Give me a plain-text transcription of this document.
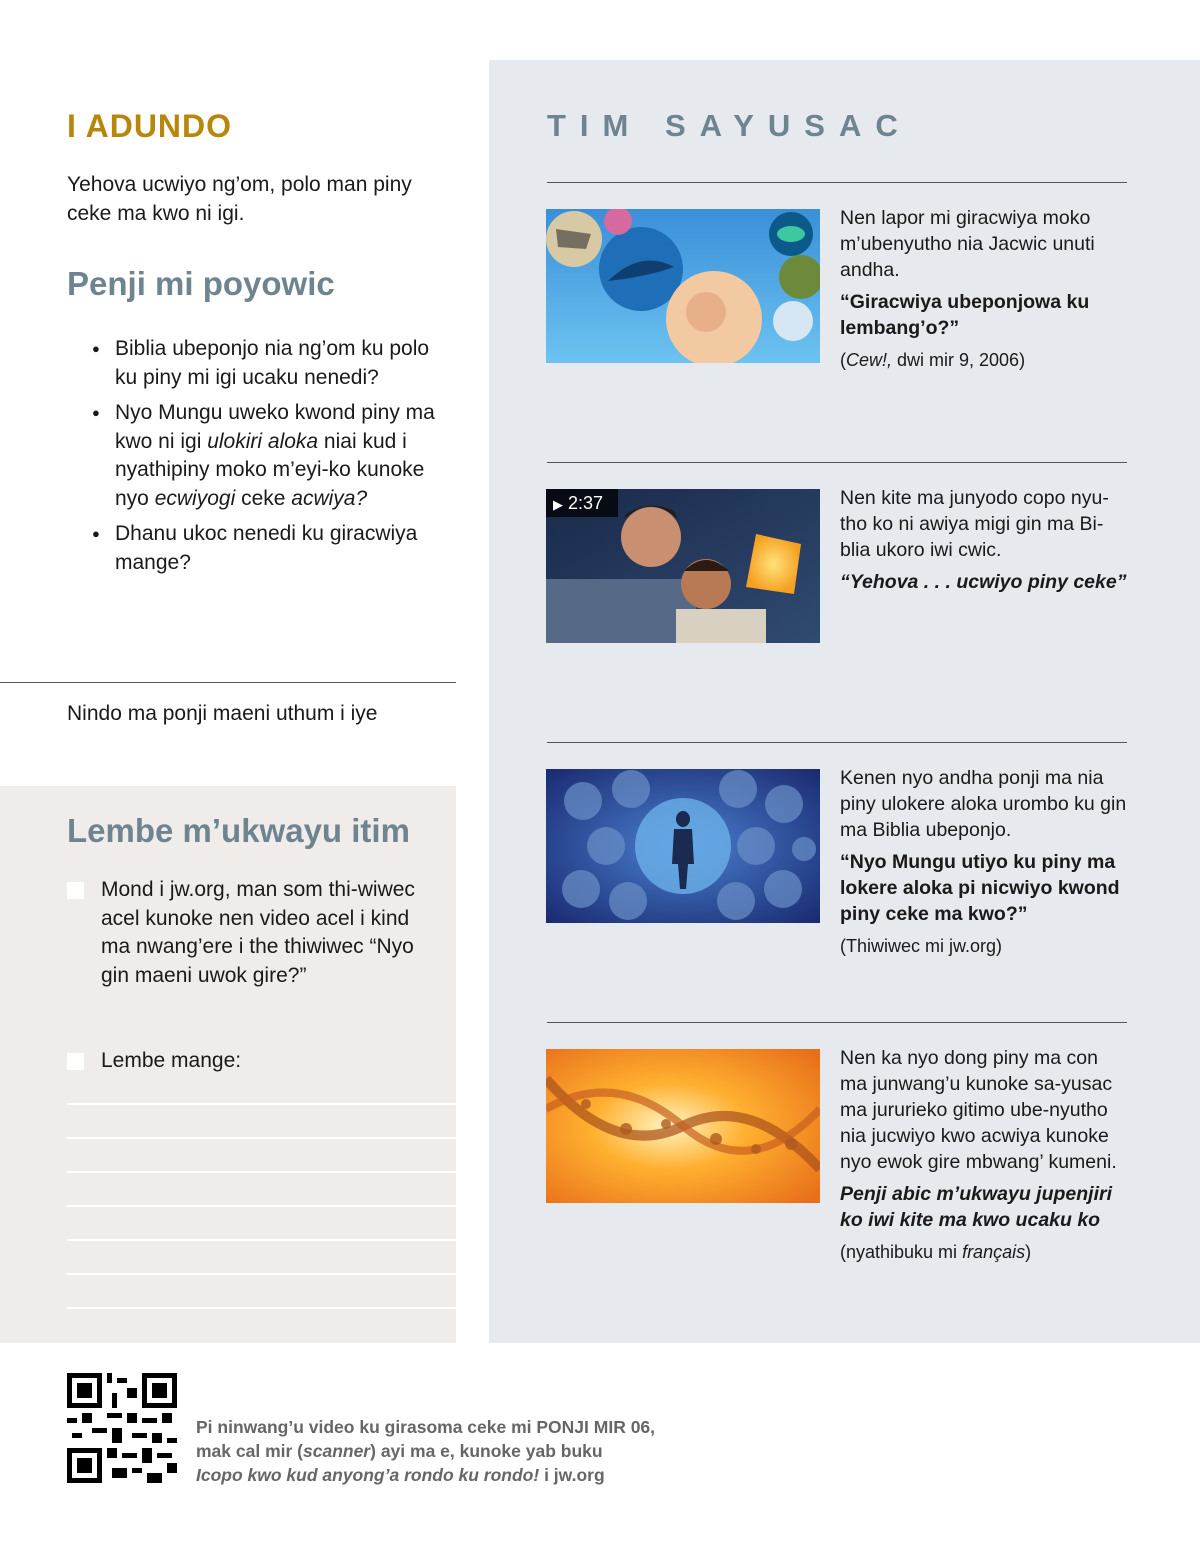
I ADUNDO

Yehova ucwiyo ng’om, polo man piny ceke ma kwo ni igi.

Penji mi poyowic
● Biblia ubeponjo nia ng’om ku polo ku piny mi igi ucaku nenedi?
● Nyo Mungu uweko kwond piny ma kwo ni igi ulokiri aloka niai kud i nyathipiny moko m’eyi-ko kunoke nyo ecwiyogi ceke acwiya?
● Dhanu ukoc nenedi ku giracwiya mange?

Nindo ma ponji maeni uthum i iye

Lembe m’ukwayu itim
Mond i jw.org, man som thi-wiwec acel kunoke nen video acel i kind ma nwang’ere i the thiwiwec “Nyo gin maeni uwok gire?”
Lembe mange:
TIM SAYUSAC

Nen lapor mi giracwiya moko m’ubenyutho nia Jacwic unuti andha.

“Giracwiya ubeponjowa ku lembang’o?”

(Cew!, dwi mir 9, 2006)

▶ 2:37	Nen kite ma junyodo copo nyu-tho ko ni awiya migi gin ma Bi-blia ukoro iwi cwic.

“Yehova . . . ucwiyo piny ceke”

Kenen nyo andha ponji ma nia piny ulokere aloka urombo ku gin ma Biblia ubeponjo.

“Nyo Mungu utiyo ku piny ma lokere aloka pi nicwiyo kwond piny ceke ma kwo?”

(Thiwiwec mi jw.org)

Nen ka nyo dong piny ma con ma junwang’u kunoke sa-yusac ma jururieko gitimo ube-nyutho nia jucwiyo kwo acwiya kunoke nyo ewok gire mbwang’ kumeni.

Penji abic m’ukwayu jupenjiri ko iwi kite ma kwo ucaku ko

(nyathibuku mi français)

Pi ninwang’u video ku girasoma ceke mi PONJI MIR 06,
mak cal mir (scanner) ayi ma e, kunoke yab buku
Icopo kwo kud anyong’a rondo ku rondo! i jw.org
